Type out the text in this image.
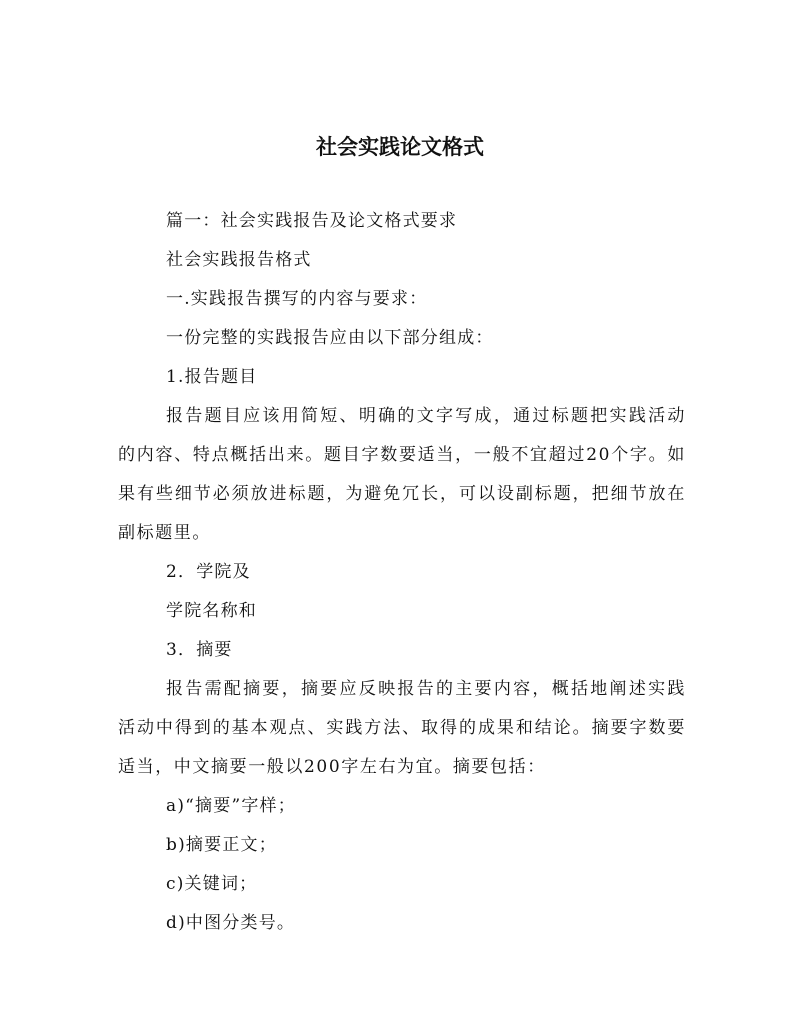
社会实践论文格式

篇一：社会实践报告及论文格式要求

社会实践报告格式

一.实践报告撰写的内容与要求：

一份完整的实践报告应由以下部分组成：

1.报告题目

报告题目应该用简短、明确的文字写成，通过标题把实践活动的内容、特点概括出来。题目字数要适当，一般不宜超过20个字。如果有些细节必须放进标题，为避免冗长，可以设副标题，把细节放在副标题里。

2．学院及

学院名称和

3．摘要

报告需配摘要，摘要应反映报告的主要内容，概括地阐述实践活动中得到的基本观点、实践方法、取得的成果和结论。摘要字数要适当，中文摘要一般以200字左右为宜。摘要包括：

a)“摘要”字样；

b)摘要正文；

c)关键词；

d)中图分类号。
